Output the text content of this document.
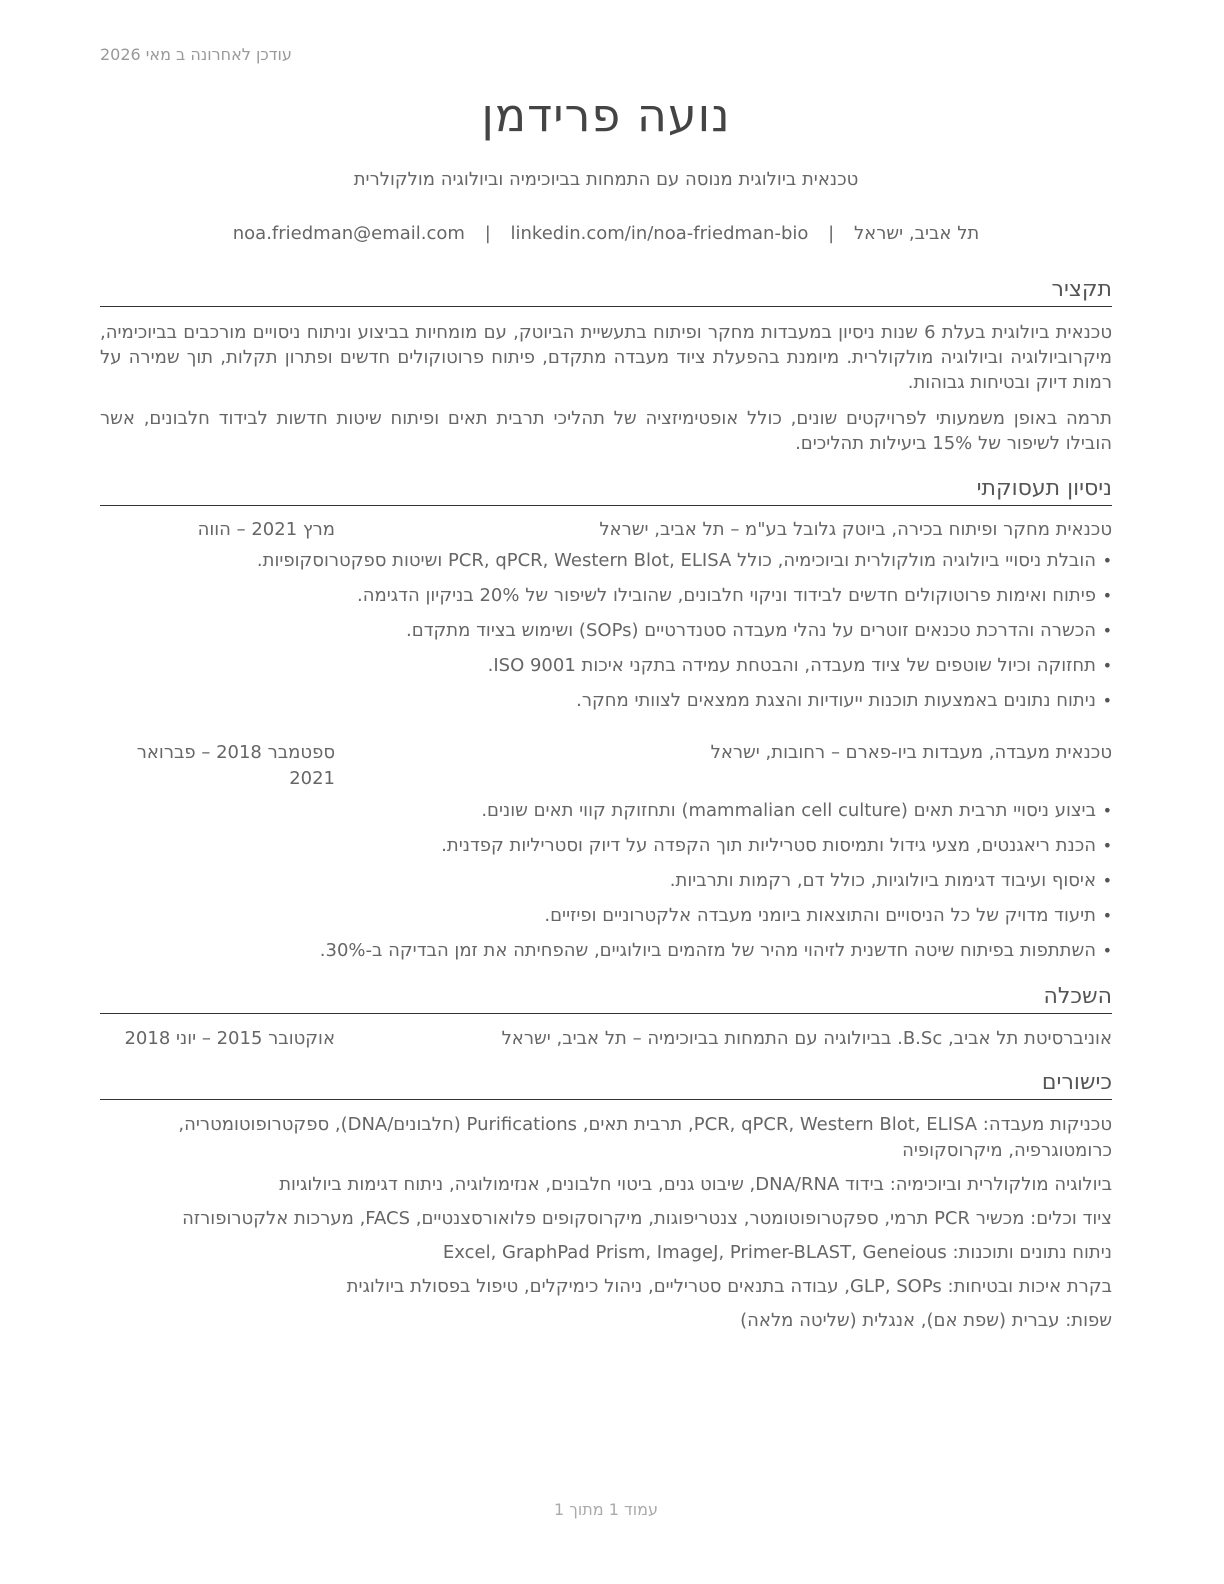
עודכן לאחרונה ב מאי 2026
נועה פרידמן
טכנאית ביולוגית מנוסה עם התמחות בביוכימיה וביולוגיה מולקולרית
תל אביב, ישראל | noa.friedman@email.com | linkedin.com/in/noa-friedman-bio
תקציר
טכנאית ביולוגית בעלת 6 שנות ניסיון במעבדות מחקר ופיתוח בתעשיית הביוטק, עם מומחיות בביצוע וניתוח ניסויים מורכבים בביוכימיה, מיקרוביולוגיה וביולוגיה מולקולרית. מיומנת בהפעלת ציוד מעבדה מתקדם, פיתוח פרוטוקולים חדשים ופתרון תקלות, תוך שמירה על רמות דיוק ובטיחות גבוהות.
תרמה באופן משמעותי לפרויקטים שונים, כולל אופטימיזציה של תהליכי תרבית תאים ופיתוח שיטות חדשות לבידוד חלבונים, אשר הובילו לשיפור של 15% ביעילות תהליכים.
ניסיון תעסוקתי
טכנאית מחקר ופיתוח בכירה, ביוטק גלובל בע"מ – תל אביב, ישראל
מרץ 2021 – הווה
•
הובלת ניסויי ביולוגיה מולקולרית וביוכימיה, כולל PCR, qPCR, Western Blot, ELISA ושיטות ספקטרוסקופיות.
•
פיתוח ואימות פרוטוקולים חדשים לבידוד וניקוי חלבונים, שהובילו לשיפור של 20% בניקיון הדגימה.
•
הכשרה והדרכת טכנאים זוטרים על נהלי מעבדה סטנדרטיים (SOPs) ושימוש בציוד מתקדם.
•
תחזוקה וכיול שוטפים של ציוד מעבדה, והבטחת עמידה בתקני איכות ISO 9001.
•
ניתוח נתונים באמצעות תוכנות ייעודיות והצגת ממצאים לצוותי מחקר.
טכנאית מעבדה, מעבדות ביו-פארם – רחובות, ישראל
ספטמבר 2018 – פברואר 2021
•
ביצוע ניסויי תרבית תאים (mammalian cell culture) ותחזוקת קווי תאים שונים.
•
הכנת ריאגנטים, מצעי גידול ותמיסות סטריליות תוך הקפדה על דיוק וסטריליות קפדנית.
•
איסוף ועיבוד דגימות ביולוגיות, כולל דם, רקמות ותרביות.
•
תיעוד מדויק של כל הניסויים והתוצאות ביומני מעבדה אלקטרוניים ופיזיים.
•
השתתפות בפיתוח שיטה חדשנית לזיהוי מהיר של מזהמים ביולוגיים, שהפחיתה את זמן הבדיקה ב-30%.
השכלה
אוניברסיטת תל אביב, B.Sc. בביולוגיה עם התמחות בביוכימיה – תל אביב, ישראל
אוקטובר 2015 – יוני 2018
כישורים
טכניקות מעבדה: PCR, qPCR, Western Blot, ELISA, תרבית תאים, Purifications (חלבונים/DNA), ספקטרופוטומטריה, כרומטוגרפיה, מיקרוסקופיה
ביולוגיה מולקולרית וביוכימיה: בידוד DNA/RNA, שיבוט גנים, ביטוי חלבונים, אנזימולוגיה, ניתוח דגימות ביולוגיות
ציוד וכלים: מכשיר PCR תרמי, ספקטרופוטומטר, צנטריפוגות, מיקרוסקופים פלואורסצנטיים, FACS, מערכות אלקטרופורזה
ניתוח נתונים ותוכנות: Excel, GraphPad Prism, ImageJ, Primer-BLAST, Geneious
בקרת איכות ובטיחות: GLP, SOPs, עבודה בתנאים סטריליים, ניהול כימיקלים, טיפול בפסולת ביולוגית
שפות: עברית (שפת אם), אנגלית (שליטה מלאה)
עמוד 1 מתוך 1
